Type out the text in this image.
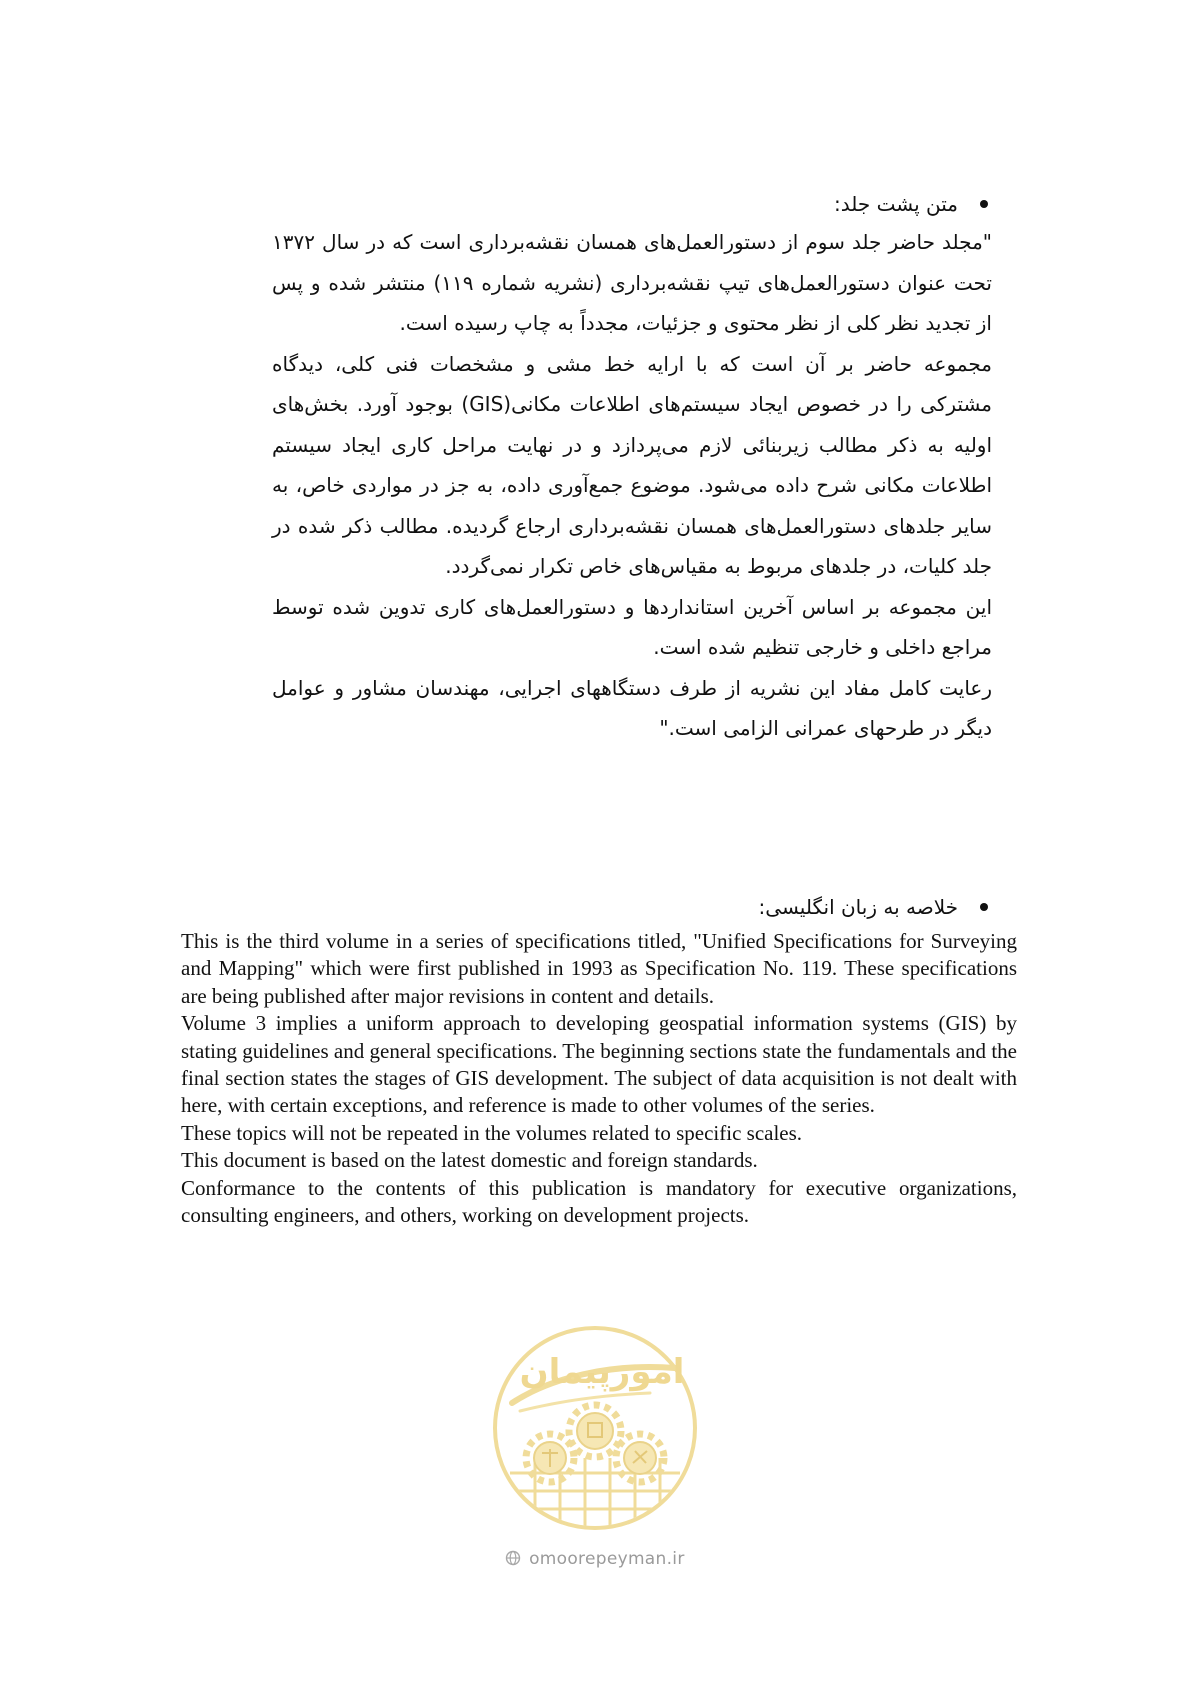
متن پشت جلد:

"مجلد حاضر جلد سوم از دستورالعمل‌های همسان نقشه‌برداری است که در سال ۱۳۷۲ تحت عنوان دستورالعمل‌های تیپ نقشه‌برداری (نشریه شماره ۱۱۹) منتشر شده و پس از تجدید نظر کلی از نظر محتوی و جزئیات، مجدداً به چاپ رسیده است.

مجموعه حاضر بر آن است که با ارایه خط مشی و مشخصات فنی کلی، دیدگاه مشترکی را در خصوص ایجاد سیستم‌های اطلاعات مکانی(GIS) بوجود آورد. بخش‌های اولیه به ذکر مطالب زیربنائی لازم می‌پردازد و در نهایت مراحل کاری ایجاد سیستم اطلاعات مکانی شرح داده می‌شود. موضوع جمع‌آوری داده، به جز در مواردی خاص، به سایر جلدهای دستورالعمل‌های همسان نقشه‌برداری ارجاع گردیده. مطالب ذکر شده در جلد کلیات، در جلدهای مربوط به مقیاس‌های خاص تکرار نمی‌گردد.

این مجموعه بر اساس آخرین استانداردها و دستورالعمل‌های کاری تدوین شده توسط مراجع داخلی و خارجی تنظیم شده است.

رعایت کامل مفاد این نشریه از طرف دستگاههای اجرایی، مهندسان مشاور و عوامل دیگر در طرحهای عمرانی الزامی است."

خلاصه به زبان انگلیسی:

This is the third volume in a series of specifications titled, "Unified Specifications for Surveying and Mapping" which were first published in 1993 as Specification No. 119. These specifications are being published after major revisions in content and details.

Volume 3 implies a uniform approach to developing geospatial information systems (GIS) by stating guidelines and general specifications. The beginning sections state the fundamentals and the final section states the stages of GIS development. The subject of data acquisition is not dealt with here, with certain exceptions, and reference is made to other volumes of the series.

These topics will not be repeated in the volumes related to specific scales.

This document is based on the latest domestic and foreign standards.

Conformance to the contents of this publication is mandatory for executive organizations, consulting engineers, and others, working on development projects.

امورپیمان
omoorepeyman.ir
